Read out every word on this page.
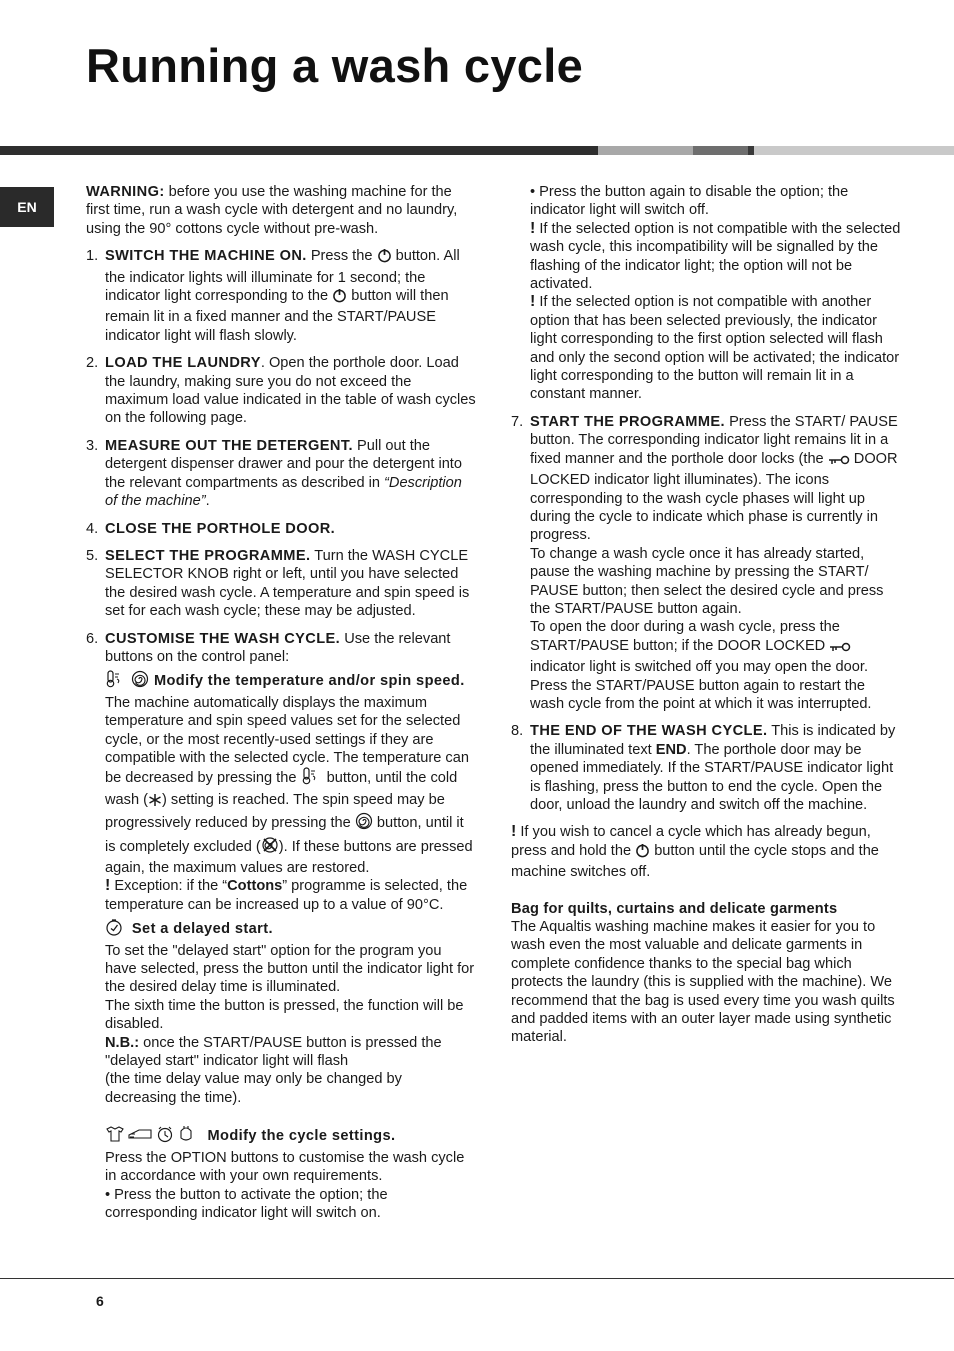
Running a wash cycle
EN

WARNING: before you use the washing machine for the first time, run a wash cycle with detergent and no laundry, using the 90° cottons cycle without pre-wash.

1. SWITCH THE MACHINE ON. Press the  button. All the indicator lights will illuminate for 1 second; the indicator light corresponding to the  button will then remain lit in a fixed manner and the START/PAUSE indicator light will flash slowly.
2. LOAD THE LAUNDRY. Open the porthole door. Load the laundry, making sure you do not exceed the maximum load value indicated in the table of wash cycles on the following page.
3. MEASURE OUT THE DETERGENT. Pull out the detergent dispenser drawer and pour the detergent into the relevant compartments as described in “Description of the machine”.
4. CLOSE THE PORTHOLE DOOR.
5. SELECT THE PROGRAMME. Turn the WASH CYCLE SELECTOR KNOB right or left, until you have selected the desired wash cycle. A temperature and spin speed is set for each wash cycle; these may be adjusted.
6. CUSTOMISE THE WASH CYCLE. Use the relevant buttons on the control panel:

Modify the temperature and/or spin speed.

The machine automatically displays the maximum temperature and spin speed values set for the selected cycle, or the most recently-used settings if they are compatible with the selected cycle. The temperature can be decreased by pressing the  button, until the cold wash ( ) setting is reached. The spin speed may be progressively reduced by pressing the  button, until it is completely excluded ( ). If these buttons are pressed again, the maximum values are restored.

! Exception: if the “Cottons” programme is selected, the temperature can be increased up to a value of 90°C.

Set a delayed start.

To set the "delayed start" option for the program you have selected, press the button until the indicator light for the desired delay time is illuminated.

The sixth time the button is pressed, the function will be disabled.

N.B.: once the START/PAUSE button is pressed the "delayed start" indicator light will flash

(the time delay value may only be changed by decreasing the time).

Modify the cycle settings.

Press the OPTION buttons to customise the wash cycle in accordance with your own requirements.

• Press the button to activate the option; the corresponding indicator light will switch on.

• Press the button again to disable the option; the indicator light will switch off.

! If the selected option is not compatible with the selected wash cycle, this incompatibility will be signalled by the flashing of the indicator light; the option will not be activated.

! If the selected option is not compatible with another option that has been selected previously, the indicator light corresponding to the first option selected will flash and only the second option will be activated; the indicator light corresponding to the button will remain lit in a constant manner.

7. START THE PROGRAMME. Press the START/ PAUSE button. The corresponding indicator light remains lit in a fixed manner and the porthole door locks (the  DOOR LOCKED indicator light illuminates). The icons corresponding to the wash cycle phases will light up during the cycle to indicate which phase is currently in progress.

To change a wash cycle once it has already started, pause the washing machine by pressing the START/ PAUSE button; then select the desired cycle and press the START/PAUSE button again.

To open the door during a wash cycle, press the START/PAUSE button; if the DOOR LOCKED  indicator light is switched off you may open the door. Press the START/PAUSE button again to restart the wash cycle from the point at which it was interrupted.

8. THE END OF THE WASH CYCLE. This is indicated by the illuminated text END. The porthole door may be opened immediately. If the START/PAUSE indicator light is flashing, press the button to end the cycle. Open the door, unload the laundry and switch off the machine.

! If you wish to cancel a cycle which has already begun, press and hold the  button until the cycle stops and the machine switches off.

Bag for quilts, curtains and delicate garments

The Aqualtis washing machine makes it easier for you to wash even the most valuable and delicate garments in complete confidence thanks to the special bag which protects the laundry (this is supplied with the machine). We recommend that the bag is used every time you wash quilts and padded items with an outer layer made using synthetic material.

6
